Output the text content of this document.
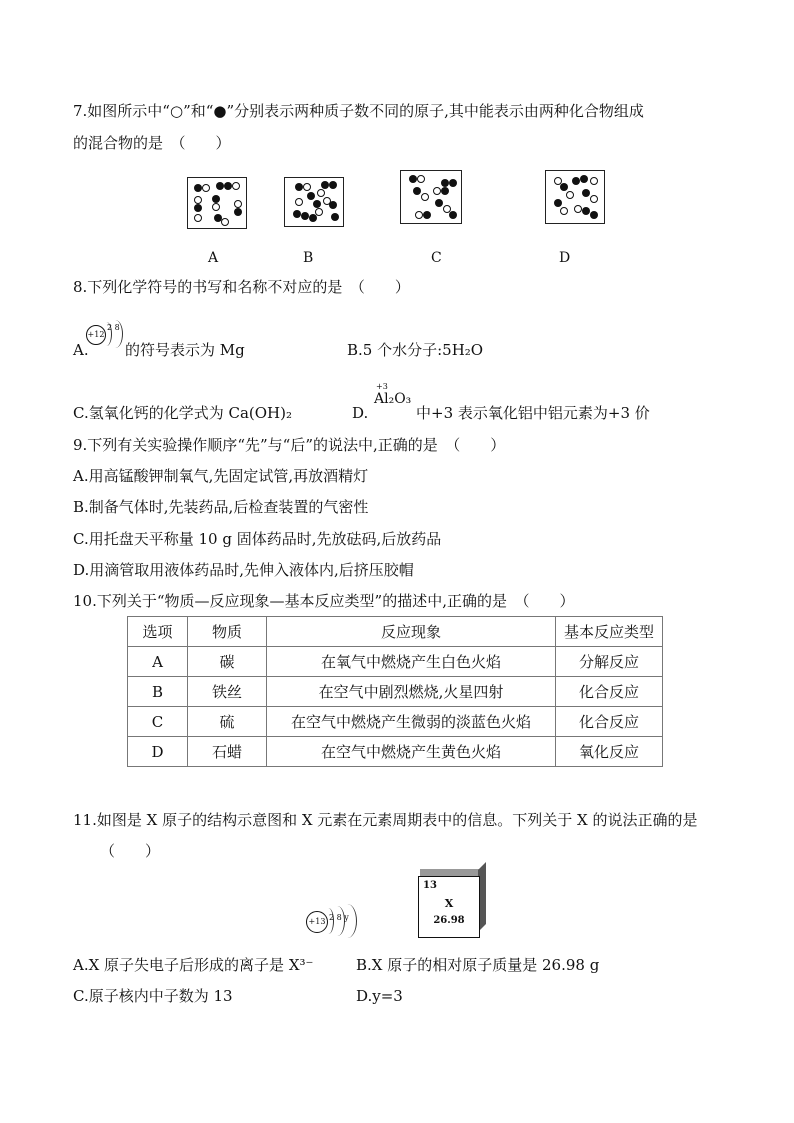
7.如图所示中“○”和“●”分别表示两种质子数不同的原子,其中能表示由两种化合物组成
的混合物的是　（　　）
A	B	C	D
8.下列化学符号的书写和名称不对应的是　（　　）
A.
+12
2 8
的符号表示为 Mg	B.5 个水分子:5H₂O
C.氢氧化钙的化学式为 Ca(OH)₂	D.
+3
Al₂O₃
中+3 表示氧化铝中铝元素为+3 价
9.下列有关实验操作顺序“先”与“后”的说法中,正确的是　（　　）
A.用高锰酸钾制氧气,先固定试管,再放酒精灯
B.制备气体时,先装药品,后检查装置的气密性
C.用托盘天平称量 10 g 固体药品时,先放砝码,后放药品
D.用滴管取用液体药品时,先伸入液体内,后挤压胶帽
10.下列关于“物质—反应现象—基本反应类型”的描述中,正确的是　（　　）
选项	物质	反应现象	基本反应类型
A	碳	在氧气中燃烧产生白色火焰	分解反应
B	铁丝	在空气中剧烈燃烧,火星四射	化合反应
C	硫	在空气中燃烧产生微弱的淡蓝色火焰	化合反应
D	石蜡	在空气中燃烧产生黄色火焰	氧化反应
11.如图是 X 原子的结构示意图和 X 元素在元素周期表中的信息。下列关于 X 的说法正确的是
（　　）
+13 2 8 y
13
X
26.98
A.X 原子失电子后形成的离子是 X³⁻	B.X 原子的相对原子质量是 26.98 g
C.原子核内中子数为 13	D.y=3
